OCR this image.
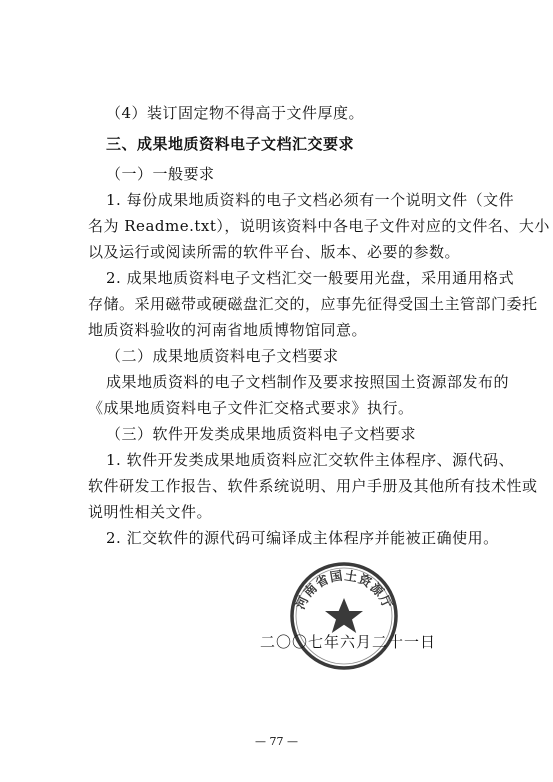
（4）装订固定物不得高于文件厚度。
三、成果地质资料电子文档汇交要求
（一）一般要求
1. 每份成果地质资料的电子文档必须有一个说明文件（文件
名为 Readme.txt），说明该资料中各电子文件对应的文件名、大小
以及运行或阅读所需的软件平台、版本、必要的参数。
2. 成果地质资料电子文档汇交一般要用光盘，采用通用格式
存储。采用磁带或硬磁盘汇交的，应事先征得受国土主管部门委托
地质资料验收的河南省地质博物馆同意。
（二）成果地质资料电子文档要求
成果地质资料的电子文档制作及要求按照国土资源部发布的
《成果地质资料电子文件汇交格式要求》执行。
（三）软件开发类成果地质资料电子文档要求
1. 软件开发类成果地质资料应汇交软件主体程序、源代码、
软件研发工作报告、软件系统说明、用户手册及其他所有技术性或
说明性相关文件。
2. 汇交软件的源代码可编译成主体程序并能被正确使用。
河南省国土资源厅
二〇〇七年六月二十一日
— 77 —
